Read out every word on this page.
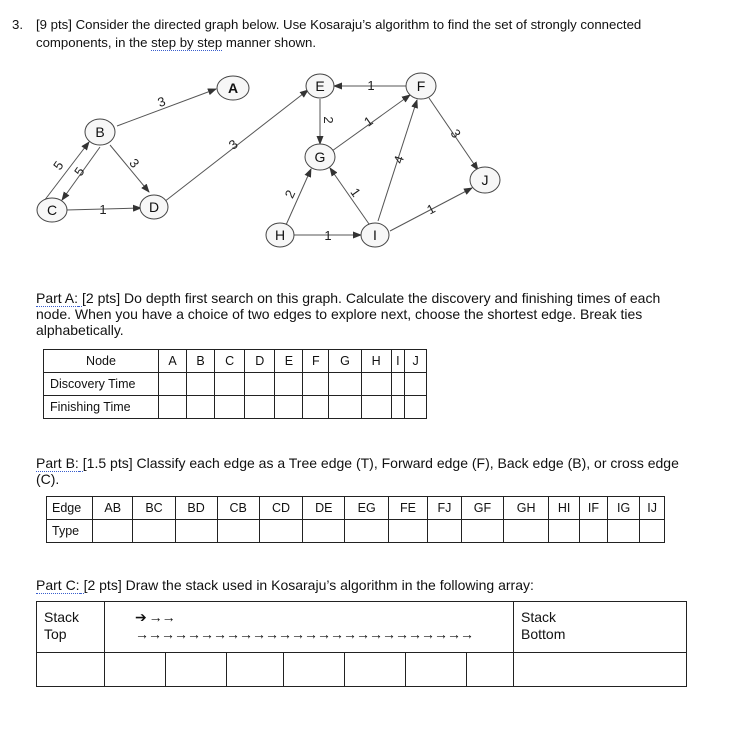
3. [9 pts] Consider the directed graph below. Use Kosaraju’s algorithm to find the set of strongly connected
components, in the step by step manner shown.
3
5 5
3
1
3
1
2 1
2
1
1
4
3
1
A
B
C	D
E	F
G
H	I
J
Part A: [2 pts] Do depth first search on this graph. Calculate the discovery and finishing times of each
node. When you have a choice of two edges to explore next, choose the shortest edge. Break ties
alphabetically.
Node	A	B	C	D	E	F	G	H	I	J
Discovery Time										
Finishing Time										
Part B: [1.5 pts] Classify each edge as a Tree edge (T), Forward edge (F), Back edge (B), or cross edge
(C).
Edge	AB	BC	BD	CB	CD	DE	EG	FE	FJ	GF	GH	HI	IF	IG	IJ
Type															
Part C: [2 pts] Draw the stack used in Kosaraju’s algorithm in the following array:
Stack Top	➔ →→ →→→→→→→→→→→→→→→→→→→→→→→→→→							Stack Bottom
